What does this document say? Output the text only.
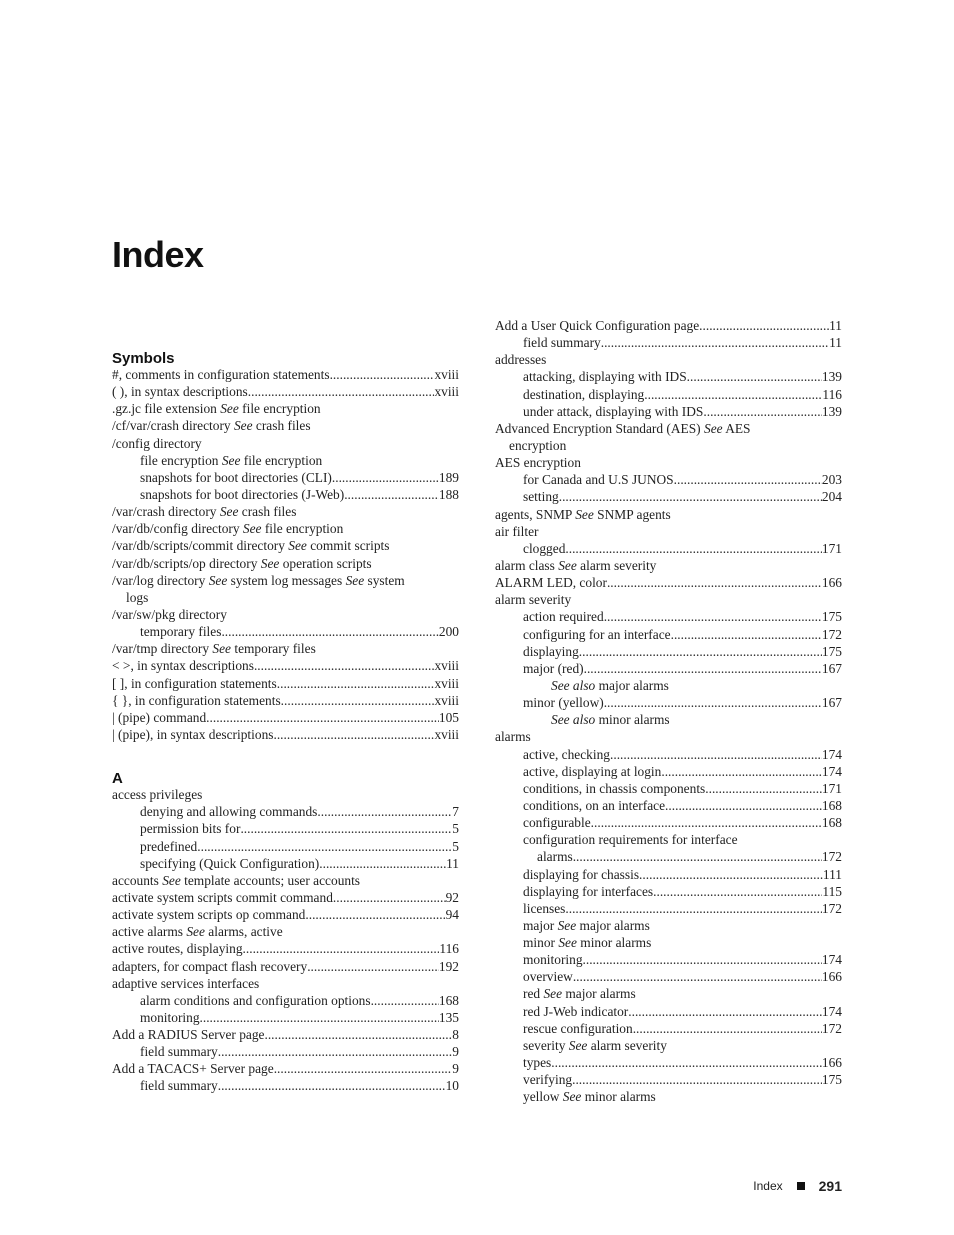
Index
Symbols
#, comments in configuration statements .....	xviii
( ), in syntax descriptions .....	xviii
.gz.jc file extension See file encryption
/cf/var/crash directory See crash files
/config directory
file encryption See file encryption
snapshots for boot directories (CLI) .....	189
snapshots for boot directories (J-Web) .....	188
/var/crash directory See crash files
/var/db/config directory See file encryption
/var/db/scripts/commit directory See commit scripts
/var/db/scripts/op directory See operation scripts
/var/log directory See system log messages See system
logs
/var/sw/pkg directory
temporary files .....	200
/var/tmp directory See temporary files
< >, in syntax descriptions .....	xviii
[ ], in configuration statements .....	xviii
{ }, in configuration statements .....	xviii
| (pipe) command .....	105
| (pipe), in syntax descriptions .....	xviii
A
access privileges
denying and allowing commands .....	7
permission bits for .....	5
predefined .....	5
specifying (Quick Configuration) .....	11
accounts See template accounts; user accounts
activate system scripts commit command .....	92
activate system scripts op command .....	94
active alarms See alarms, active
active routes, displaying .....	116
adapters, for compact flash recovery .....	192
adaptive services interfaces
alarm conditions and configuration options .....	168
monitoring .....	135
Add a RADIUS Server page .....	8
field summary .....	9
Add a TACACS+ Server page .....	9
field summary .....	10
Add a User Quick Configuration page .....	11
field summary .....	11
addresses
attacking, displaying with IDS .....	139
destination, displaying .....	116
under attack, displaying with IDS .....	139
Advanced Encryption Standard (AES) See AES
encryption
AES encryption
for Canada and U.S JUNOS .....	203
setting .....	204
agents, SNMP See SNMP agents
air filter
clogged .....	171
alarm class See alarm severity
ALARM LED, color .....	166
alarm severity
action required .....	175
configuring for an interface .....	172
displaying .....	175
major (red) .....	167
See also major alarms
minor (yellow) .....	167
See also minor alarms
alarms
active, checking .....	174
active, displaying at login .....	174
conditions, in chassis components .....	171
conditions, on an interface .....	168
configurable .....	168
configuration requirements for interface
alarms .....	172
displaying for chassis .....	111
displaying for interfaces .....	115
licenses .....	172
major See major alarms
minor See minor alarms
monitoring .....	174
overview .....	166
red See major alarms
red J-Web indicator .....	174
rescue configuration .....	172
severity See alarm severity
types .....	166
verifying .....	175
yellow See minor alarms
Index	291
